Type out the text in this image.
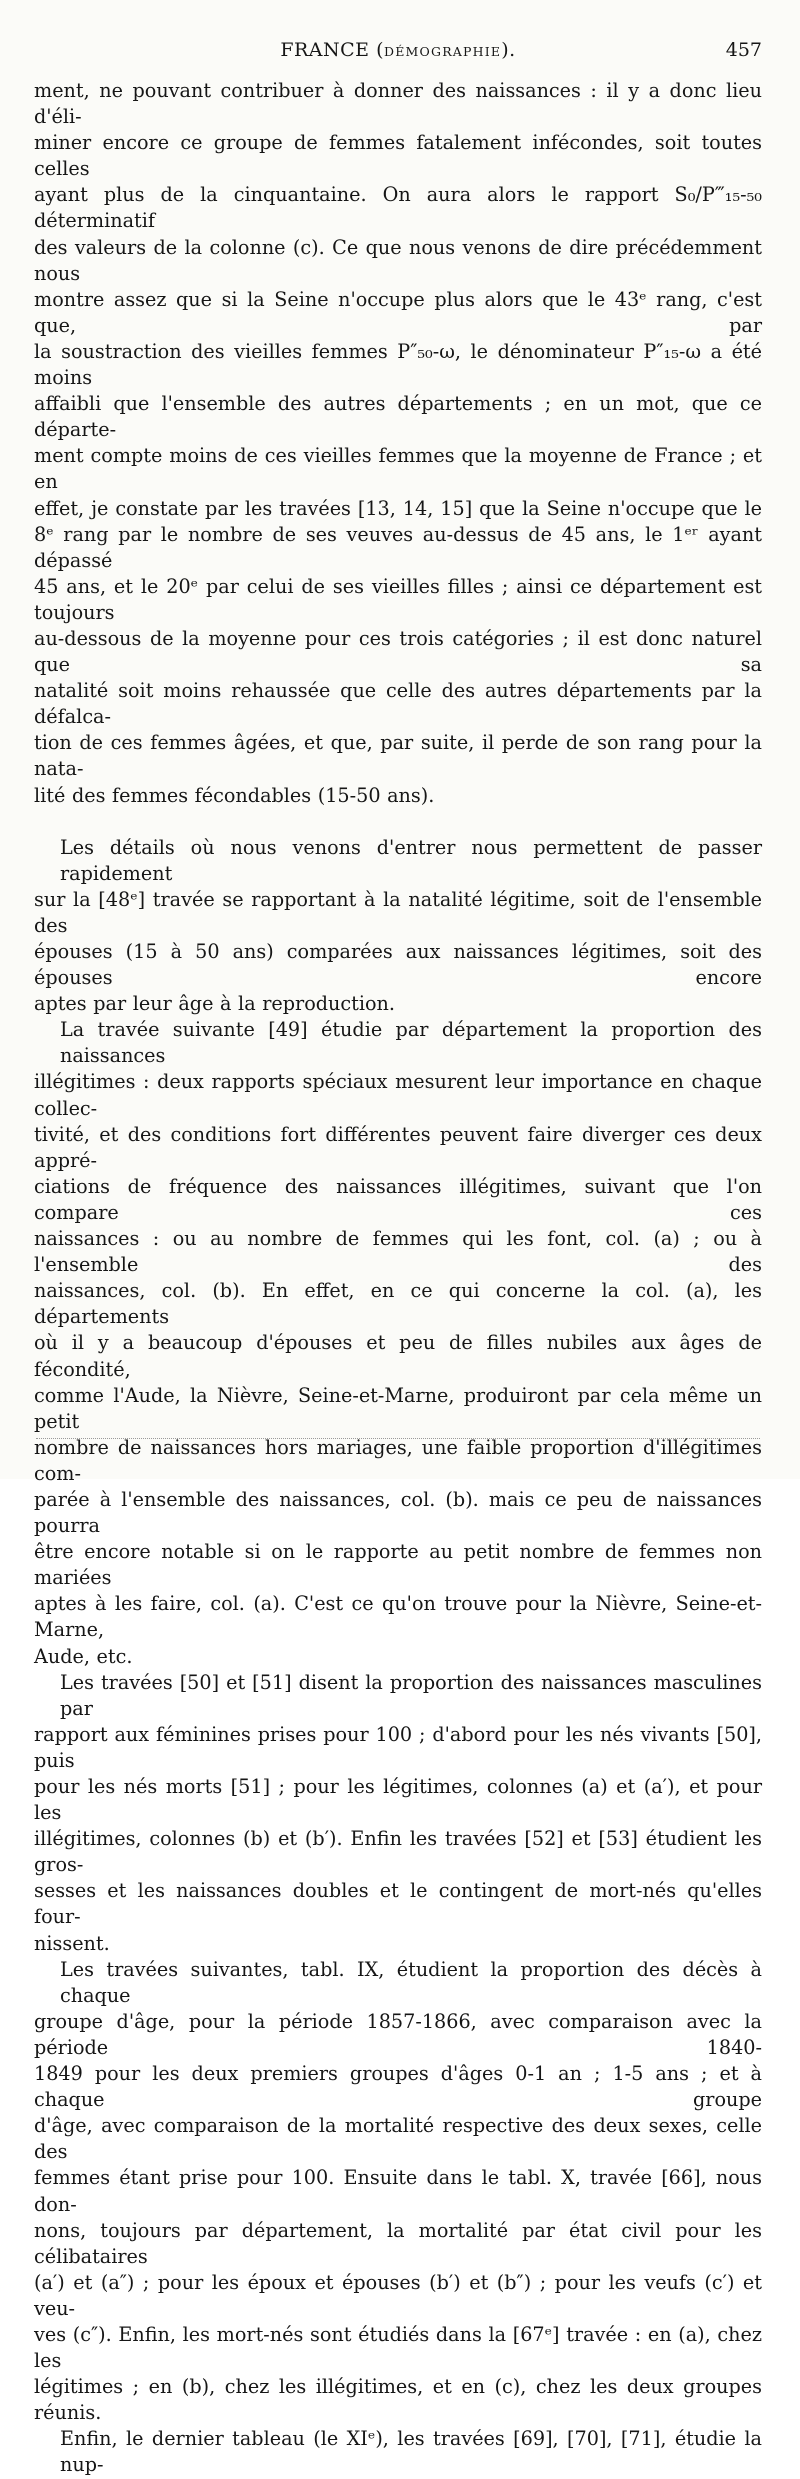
FRANCE (DÉMOGRAPHIE).	457
ment, ne pouvant contribuer à donner des naissances : il y a donc lieu d'éli-
miner encore ce groupe de femmes fatalement infécondes, soit toutes celles
ayant plus de la cinquantaine. On aura alors le rapport S₀/P‴₁₅-₅₀ déterminatif
des valeurs de la colonne (c). Ce que nous venons de dire précédemment nous
montre assez que si la Seine n'occupe plus alors que le 43ᵉ rang, c'est que, par
la soustraction des vieilles femmes P″₅₀-ω, le dénominateur P″₁₅-ω a été moins
affaibli que l'ensemble des autres départements ; en un mot, que ce départe-
ment compte moins de ces vieilles femmes que la moyenne de France ; et en
effet, je constate par les travées [13, 14, 15] que la Seine n'occupe que le
8ᵉ rang par le nombre de ses veuves au-dessus de 45 ans, le 1ᵉʳ ayant dépassé
45 ans, et le 20ᵉ par celui de ses vieilles filles ; ainsi ce département est toujours
au-dessous de la moyenne pour ces trois catégories ; il est donc naturel que sa
natalité soit moins rehaussée que celle des autres départements par la défalca-
tion de ces femmes âgées, et que, par suite, il perde de son rang pour la nata-
lité des femmes fécondables (15-50 ans).
Les détails où nous venons d'entrer nous permettent de passer rapidement
sur la [48ᵉ] travée se rapportant à la natalité légitime, soit de l'ensemble des
épouses (15 à 50 ans) comparées aux naissances légitimes, soit des épouses encore
aptes par leur âge à la reproduction.
La travée suivante [49] étudie par département la proportion des naissances
illégitimes : deux rapports spéciaux mesurent leur importance en chaque collec-
tivité, et des conditions fort différentes peuvent faire diverger ces deux appré-
ciations de fréquence des naissances illégitimes, suivant que l'on compare ces
naissances : ou au nombre de femmes qui les font, col. (a) ; ou à l'ensemble des
naissances, col. (b). En effet, en ce qui concerne la col. (a), les départements
où il y a beaucoup d'épouses et peu de filles nubiles aux âges de fécondité,
comme l'Aude, la Nièvre, Seine-et-Marne, produiront par cela même un petit
nombre de naissances hors mariages, une faible proportion d'illégitimes com-
parée à l'ensemble des naissances, col. (b). mais ce peu de naissances pourra
être encore notable si on le rapporte au petit nombre de femmes non mariées
aptes à les faire, col. (a). C'est ce qu'on trouve pour la Nièvre, Seine-et-Marne,
Aude, etc.
Les travées [50] et [51] disent la proportion des naissances masculines par
rapport aux féminines prises pour 100 ; d'abord pour les nés vivants [50], puis
pour les nés morts [51] ; pour les légitimes, colonnes (a) et (a′), et pour les
illégitimes, colonnes (b) et (b′). Enfin les travées [52] et [53] étudient les gros-
sesses et les naissances doubles et le contingent de mort-nés qu'elles four-
nissent.
Les travées suivantes, tabl. IX, étudient la proportion des décès à chaque
groupe d'âge, pour la période 1857-1866, avec comparaison avec la période 1840-
1849 pour les deux premiers groupes d'âges 0-1 an ; 1-5 ans ; et à chaque groupe
d'âge, avec comparaison de la mortalité respective des deux sexes, celle des
femmes étant prise pour 100. Ensuite dans le tabl. X, travée [66], nous don-
nons, toujours par département, la mortalité par état civil pour les célibataires
(a′) et (a″) ; pour les époux et épouses (b′) et (b″) ; pour les veufs (c′) et veu-
ves (c″). Enfin, les mort-nés sont étudiés dans la [67ᵉ] travée : en (a), chez les
légitimes ; en (b), chez les illégitimes, et en (c), chez les deux groupes réunis.
Enfin, le dernier tableau (le XIᵉ), les travées [69], [70], [71], étudie la nup-
